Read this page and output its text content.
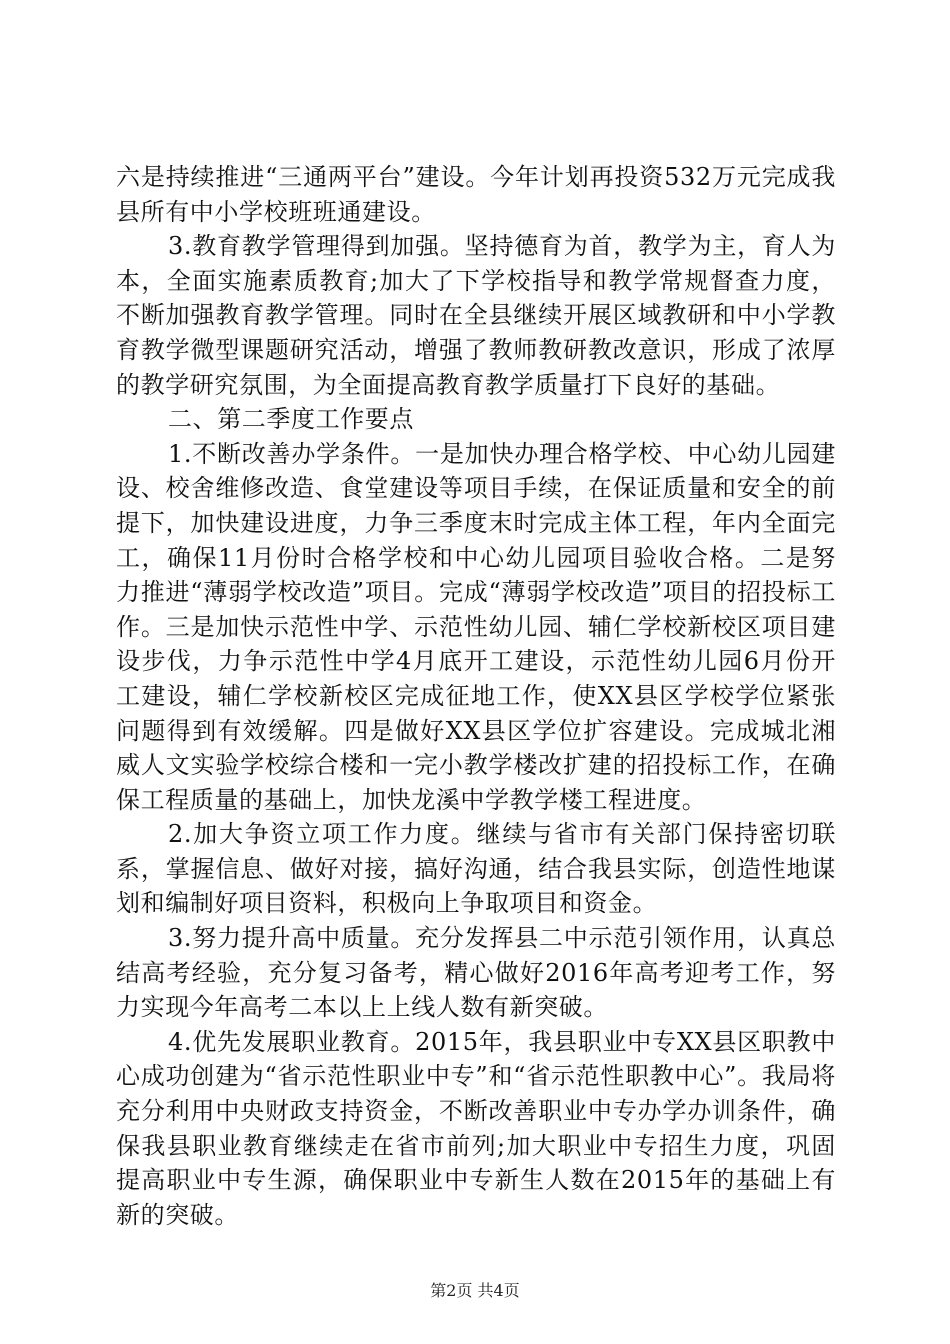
六是持续推进“三通两平台”建设。今年计划再投资532万元完成我县所有中小学校班班通建设。

3.教育教学管理得到加强。坚持德育为首，教学为主，育人为本，全面实施素质教育;加大了下学校指导和教学常规督查力度，不断加强教育教学管理。同时在全县继续开展区域教研和中小学教育教学微型课题研究活动，增强了教师教研教改意识，形成了浓厚的教学研究氛围，为全面提高教育教学质量打下良好的基础。

二、第二季度工作要点

1.不断改善办学条件。一是加快办理合格学校、中心幼儿园建设、校舍维修改造、食堂建设等项目手续，在保证质量和安全的前提下，加快建设进度，力争三季度末时完成主体工程，年内全面完工，确保11月份时合格学校和中心幼儿园项目验收合格。二是努力推进“薄弱学校改造”项目。完成“薄弱学校改造”项目的招投标工作。三是加快示范性中学、示范性幼儿园、辅仁学校新校区项目建设步伐，力争示范性中学4月底开工建设，示范性幼儿园6月份开工建设，辅仁学校新校区完成征地工作，使XX县区学校学位紧张问题得到有效缓解。四是做好XX县区学位扩容建设。完成城北湘威人文实验学校综合楼和一完小教学楼改扩建的招投标工作，在确保工程质量的基础上，加快龙溪中学教学楼工程进度。

2.加大争资立项工作力度。继续与省市有关部门保持密切联系，掌握信息、做好对接，搞好沟通，结合我县实际，创造性地谋划和编制好项目资料，积极向上争取项目和资金。

3.努力提升高中质量。充分发挥县二中示范引领作用，认真总结高考经验，充分复习备考，精心做好2016年高考迎考工作，努力实现今年高考二本以上上线人数有新突破。

4.优先发展职业教育。2015年，我县职业中专XX县区职教中心成功创建为“省示范性职业中专”和“省示范性职教中心”。我局将充分利用中央财政支持资金，不断改善职业中专办学办训条件，确保我县职业教育继续走在省市前列;加大职业中专招生力度，巩固提高职业中专生源，确保职业中专新生人数在2015年的基础上有新的突破。

第2页 共4页
